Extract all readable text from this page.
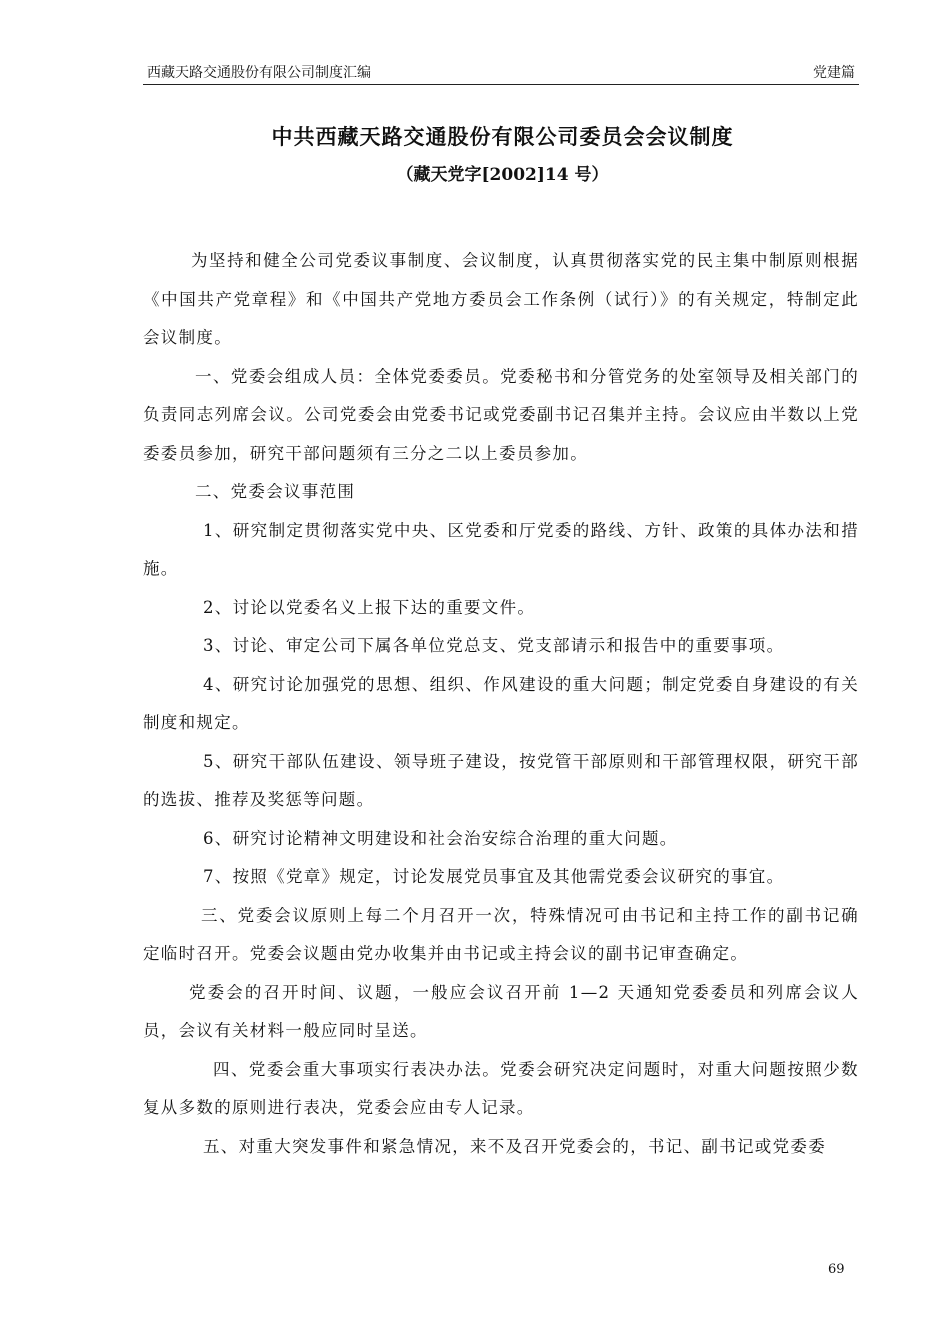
西藏天路交通股份有限公司制度汇编	党建篇
中共西藏天路交通股份有限公司委员会会议制度
（藏天党字[2002]14 号）

为坚持和健全公司党委议事制度、会议制度，认真贯彻落实党的民主集中制原则根据《中国共产党章程》和《中国共产党地方委员会工作条例（试行）》的有关规定，特制定此会议制度。

一、党委会组成人员：全体党委委员。党委秘书和分管党务的处室领导及相关部门的负责同志列席会议。公司党委会由党委书记或党委副书记召集并主持。会议应由半数以上党委委员参加，研究干部问题须有三分之二以上委员参加。

二、党委会议事范围

1、研究制定贯彻落实党中央、区党委和厅党委的路线、方针、政策的具体办法和措施。

2、讨论以党委名义上报下达的重要文件。

3、讨论、审定公司下属各单位党总支、党支部请示和报告中的重要事项。

4、研究讨论加强党的思想、组织、作风建设的重大问题；制定党委自身建设的有关制度和规定。

5、研究干部队伍建设、领导班子建设，按党管干部原则和干部管理权限，研究干部的选拔、推荐及奖惩等问题。

6、研究讨论精神文明建设和社会治安综合治理的重大问题。

7、按照《党章》规定，讨论发展党员事宜及其他需党委会议研究的事宜。

三、党委会议原则上每二个月召开一次，特殊情况可由书记和主持工作的副书记确定临时召开。党委会议题由党办收集并由书记或主持会议的副书记审查确定。

党委会的召开时间、议题，一般应会议召开前 1—2 天通知党委委员和列席会议人员，会议有关材料一般应同时呈送。

四、党委会重大事项实行表决办法。党委会研究决定问题时，对重大问题按照少数复从多数的原则进行表决，党委会应由专人记录。

五、对重大突发事件和紧急情况，来不及召开党委会的，书记、副书记或党委委

69
